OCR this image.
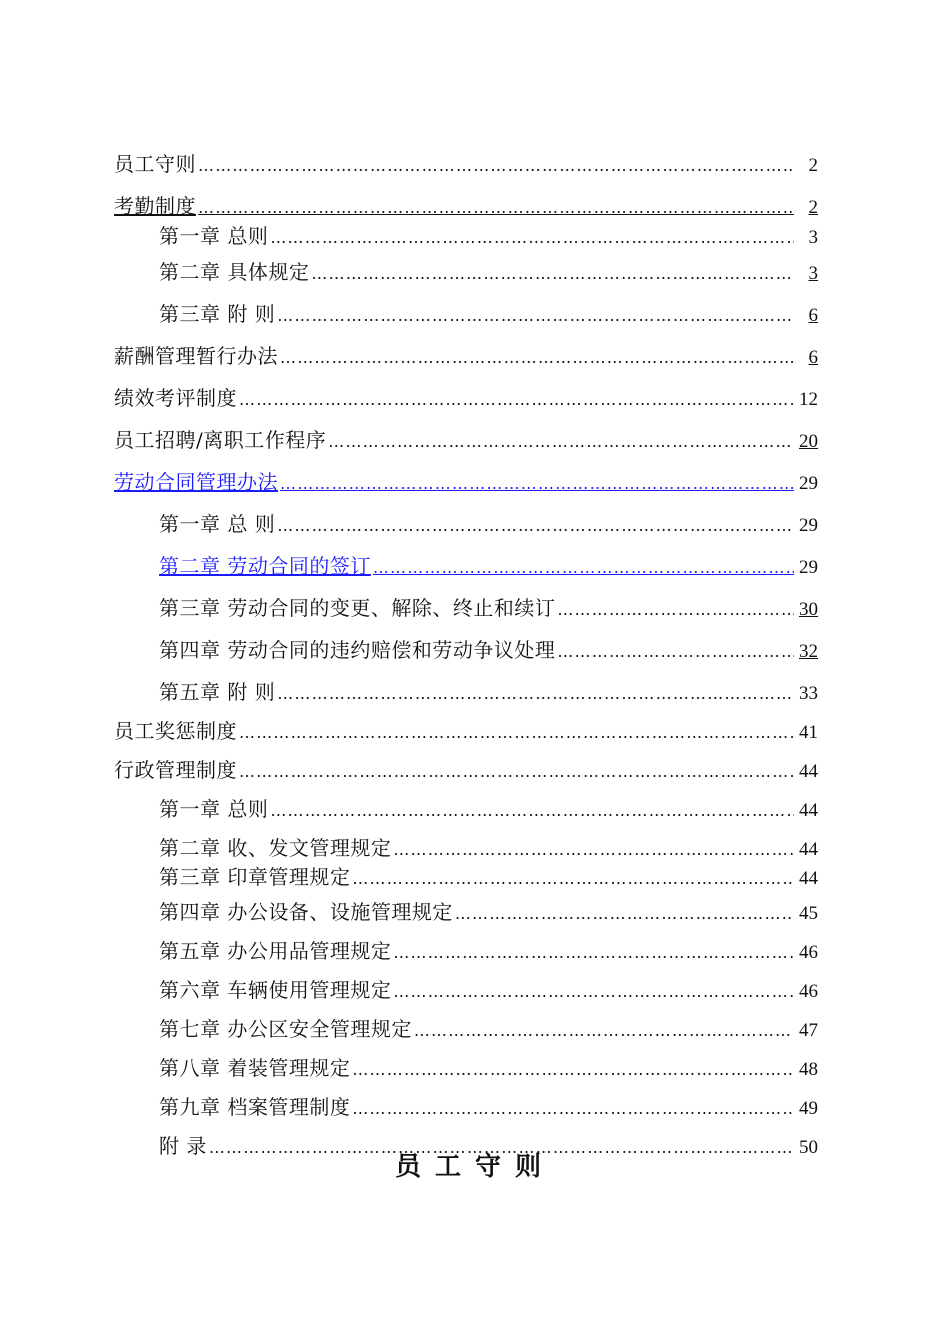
员工守则 ……………………………………………………………………………………………………………………………………………………………………………………………………………………………………	2
考勤制度 ……………………………………………………………………………………………………………………………………………………………………………………………………………………………………	2
第一章 总则 ……………………………………………………………………………………………………………………………………………………………………………………………………………………………………	3
第二章 具体规定 ……………………………………………………………………………………………………………………………………………………………………………………………………………………………………	3
第三章 附 则 ……………………………………………………………………………………………………………………………………………………………………………………………………………………………………	6
薪酬管理暂行办法 ……………………………………………………………………………………………………………………………………………………………………………………………………………………………………	6
绩效考评制度 ……………………………………………………………………………………………………………………………………………………………………………………………………………………………………	12
员工招聘/离职工作程序 ……………………………………………………………………………………………………………………………………………………………………………………………………………………………………	20
劳动合同管理办法 ……………………………………………………………………………………………………………………………………………………………………………………………………………………………………	29
第一章 总 则 ……………………………………………………………………………………………………………………………………………………………………………………………………………………………………	29
第二章 劳动合同的签订 ……………………………………………………………………………………………………………………………………………………………………………………………………………………………………	29
第三章 劳动合同的变更、解除、终止和续订 ……………………………………………………………………………………………………………………………………………………………………………………………………………………………………	30
第四章 劳动合同的违约赔偿和劳动争议处理 ……………………………………………………………………………………………………………………………………………………………………………………………………………………………………	32
第五章 附 则 ……………………………………………………………………………………………………………………………………………………………………………………………………………………………………	33
员工奖惩制度 ……………………………………………………………………………………………………………………………………………………………………………………………………………………………………	41
行政管理制度 ……………………………………………………………………………………………………………………………………………………………………………………………………………………………………	44
第一章 总则 ……………………………………………………………………………………………………………………………………………………………………………………………………………………………………	44
第二章 收、发文管理规定 ……………………………………………………………………………………………………………………………………………………………………………………………………………………………………	44
第三章 印章管理规定 ……………………………………………………………………………………………………………………………………………………………………………………………………………………………………	44
第四章 办公设备、设施管理规定 ……………………………………………………………………………………………………………………………………………………………………………………………………………………………………	45
第五章 办公用品管理规定 ……………………………………………………………………………………………………………………………………………………………………………………………………………………………………	46
第六章 车辆使用管理规定 ……………………………………………………………………………………………………………………………………………………………………………………………………………………………………	46
第七章 办公区安全管理规定 ……………………………………………………………………………………………………………………………………………………………………………………………………………………………………	47
第八章 着装管理规定 ……………………………………………………………………………………………………………………………………………………………………………………………………………………………………	48
第九章 档案管理制度 ……………………………………………………………………………………………………………………………………………………………………………………………………………………………………	49
附 录 ……………………………………………………………………………………………………………………………………………………………………………………………………………………………………	50
员工守则
